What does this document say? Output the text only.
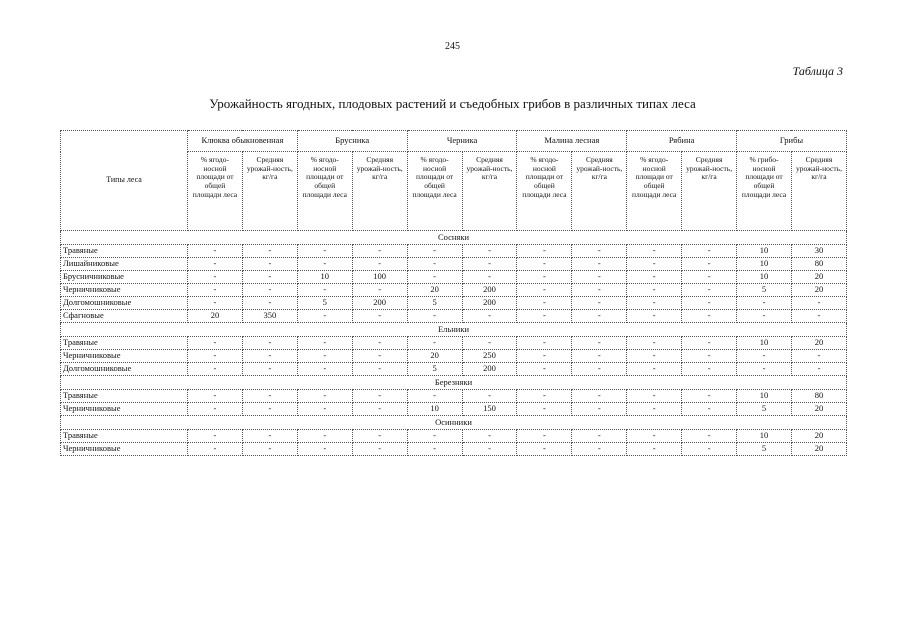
245
Таблица 3
Урожайность ягодных, плодовых растений и съедобных грибов в различных типах леса
Типы леса	Клюква обыкновенная		Брусника		Черника		Малина лесная		Рябина		Грибы	
	% ягодо-носной площади от общей площади леса	Средняя урожай-ность, кг/га	% ягодо-носной площади от общей площади леса	Средняя урожай-ность, кг/га	% ягодо-носной площади от общей площади леса	Средняя урожай-ность, кг/га	% ягодо-носной площади от общей площади леса	Средняя урожай-ность, кг/га	% ягодо-носной площади от общей площади леса	Средняя урожай-ность, кг/га	% грибо-носной площади от общей площади леса	Средняя урожай-ность, кг/га
Сосняки												
Травяные	-	-	-	-	-	-	-	-	-	-	10	30
Лишайниковые	-	-	-	-	-	-	-	-	-	-	10	80
Брусничниковые	-	-	10	100	-	-	-	-	-	-	10	20
Черничниковые	-	-	-	-	20	200	-	-	-	-	5	20
Долгомошниковые	-	-	5	200	5	200	-	-	-	-	-	-
Сфагновые	20	350	-	-	-	-	-	-	-	-	-	-
Ельники												
Травяные	-	-	-	-	-	-	-	-	-	-	10	20
Черничниковые	-	-	-	-	20	250	-	-	-	-	-	-
Долгомошниковые	-	-	-	-	5	200	-	-	-	-	-	-
Березняки												
Травяные	-	-	-	-	-	-	-	-	-	-	10	80
Черничниковые	-	-	-	-	10	150	-	-	-	-	5	20
Осинники												
Травяные	-	-	-	-	-	-	-	-	-	-	10	20
Черничниковые	-	-	-	-	-	-	-	-	-	-	5	20
